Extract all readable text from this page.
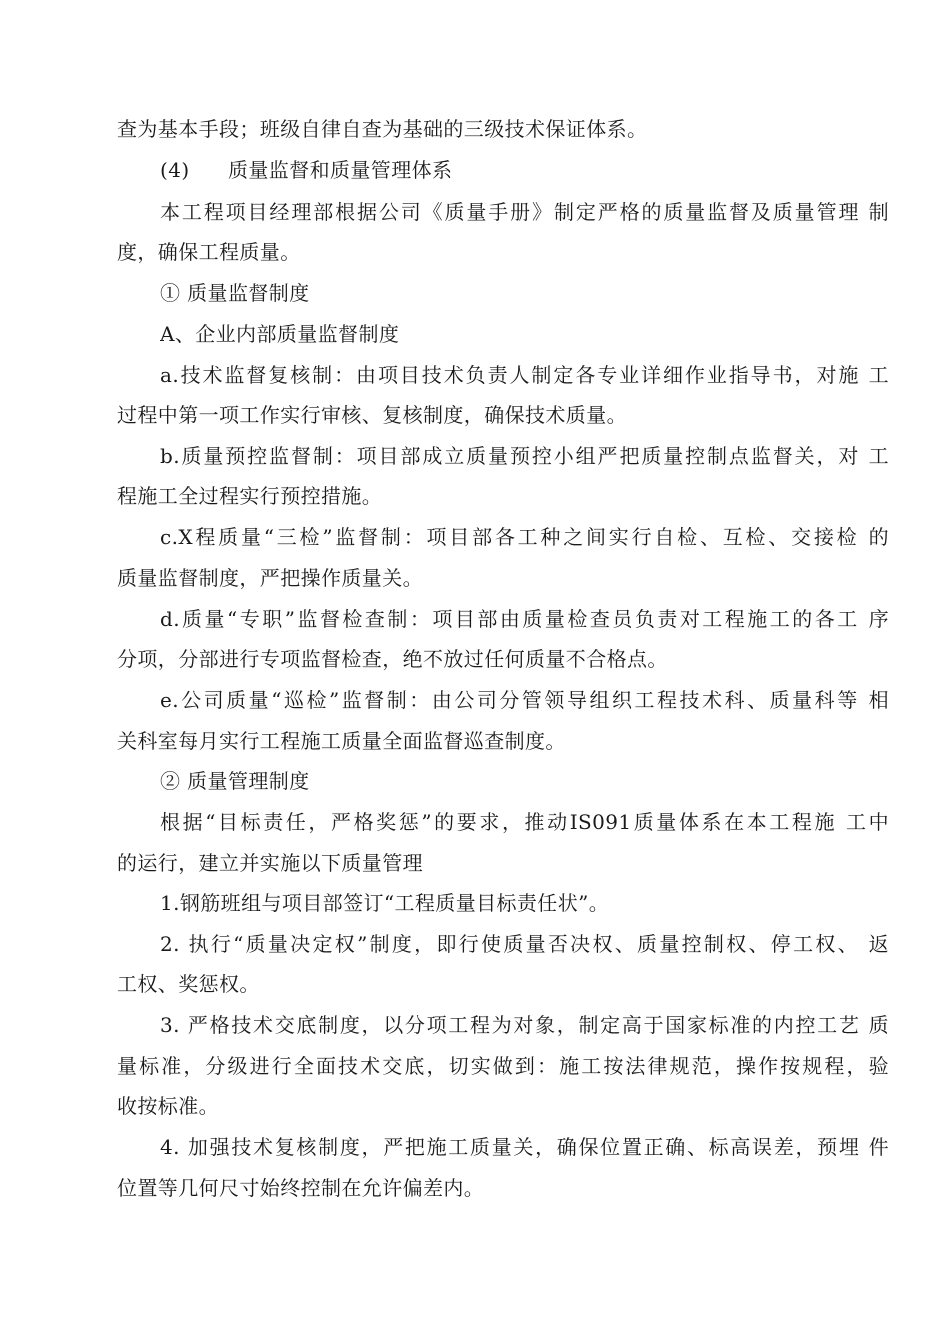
查为基本手段；班级自律自查为基础的三级技术保证体系。
(4) 质量监督和质量管理体系
本工程项目经理部根据公司《质量手册》制定严格的质量监督及质量管理 制
度，确保工程质量。
① 质量监督制度
A、企业内部质量监督制度
a.技术监督复核制：由项目技术负责人制定各专业详细作业指导书，对施 工
过程中第一项工作实行审核、复核制度，确保技术质量。
b.质量预控监督制：项目部成立质量预控小组严把质量控制点监督关，对 工
程施工全过程实行预控措施。
c.X程质量“三检”监督制：项目部各工种之间实行自检、互检、交接检 的
质量监督制度，严把操作质量关。
d.质量“专职”监督检查制：项目部由质量检查员负责对工程施工的各工 序
分项，分部进行专项监督检查，绝不放过任何质量不合格点。
e.公司质量“巡检”监督制：由公司分管领导组织工程技术科、质量科等 相
关科室每月实行工程施工质量全面监督巡查制度。
② 质量管理制度
根据“目标责任，严格奖惩”的要求，推动IS091质量体系在本工程施 工中
的运行，建立并实施以下质量管理
1.钢筋班组与项目部签订“工程质量目标责任状”。
2. 执行“质量决定权”制度，即行使质量否决权、质量控制权、停工权、 返
工权、奖惩权。
3. 严格技术交底制度，以分项工程为对象，制定高于国家标准的内控工艺 质
量标准，分级进行全面技术交底，切实做到：施工按法律规范，操作按规程，验
收按标准。
4. 加强技术复核制度，严把施工质量关，确保位置正确、标高误差，预埋 件
位置等几何尺寸始终控制在允许偏差内。
